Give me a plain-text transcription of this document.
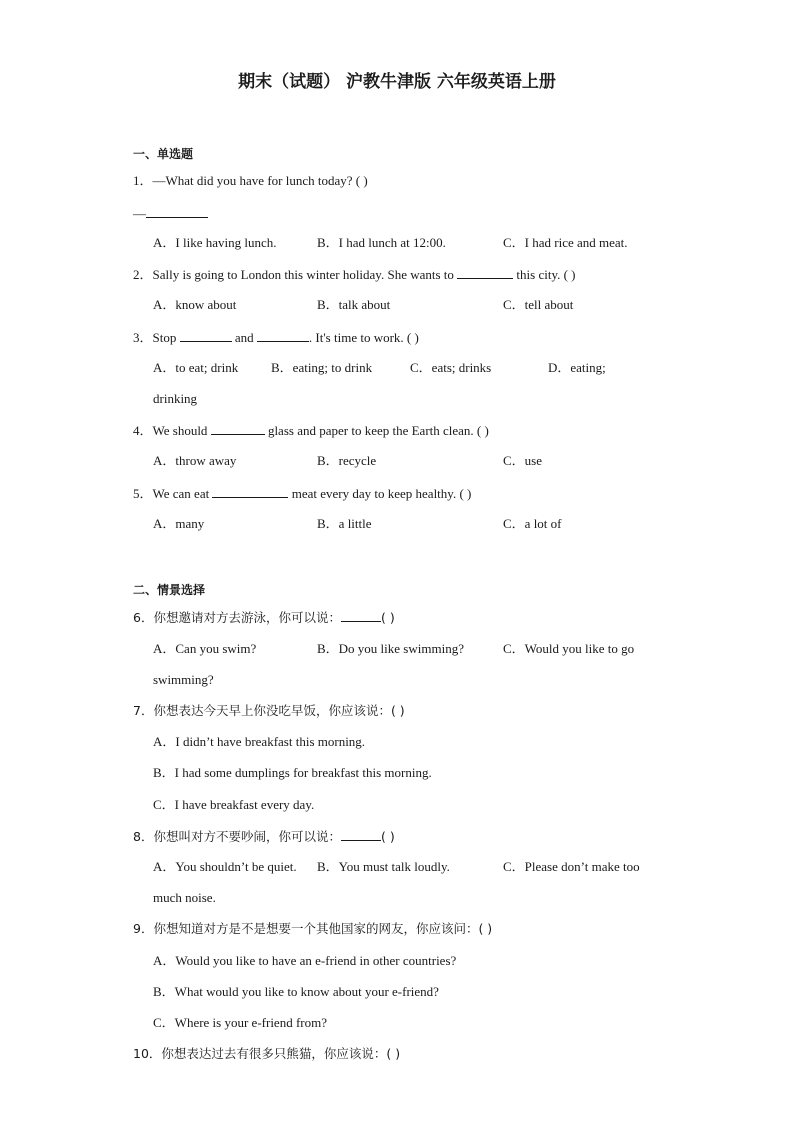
期末（试题） 沪教牛津版 六年级英语上册
一、单选题
1．—What did you have for lunch today? ( )
—
A．I like having lunch.	B．I had lunch at 12:00.	C．I had rice and meat.
2．Sally is going to London this winter holiday. She wants to	this city. ( )
A．know about	B．talk about	C．tell about
3．Stop	and	. It's time to work. ( )
A．to eat; drink	B．eating; to drink	C．eats; drinks	D．eating;
drinking
4．We should	glass and paper to keep the Earth clean. ( )
A．throw away	B．recycle	C．use
5．We can eat	meat every day to keep healthy. ( )
A．many	B．a little	C．a lot of
二、情景选择
6．你想邀请对方去游泳，你可以说：	( )
A．Can you swim?	B．Do you like swimming?	C．Would you like to go
swimming?
7．你想表达今天早上你没吃早饭，你应该说：( )
A．I didn’t have breakfast this morning.
B．I had some dumplings for breakfast this morning.
C．I have breakfast every day.
8．你想叫对方不要吵闹，你可以说：	( )
A．You shouldn’t be quiet. B．You must talk loudly.	C．Please don’t make too
much noise.
9．你想知道对方是不是想要一个其他国家的网友，你应该问：( )
A．Would you like to have an e-friend in other countries?
B．What would you like to know about your e-friend?
C．Where is your e-friend from?
10．你想表达过去有很多只熊猫，你应该说：( )
